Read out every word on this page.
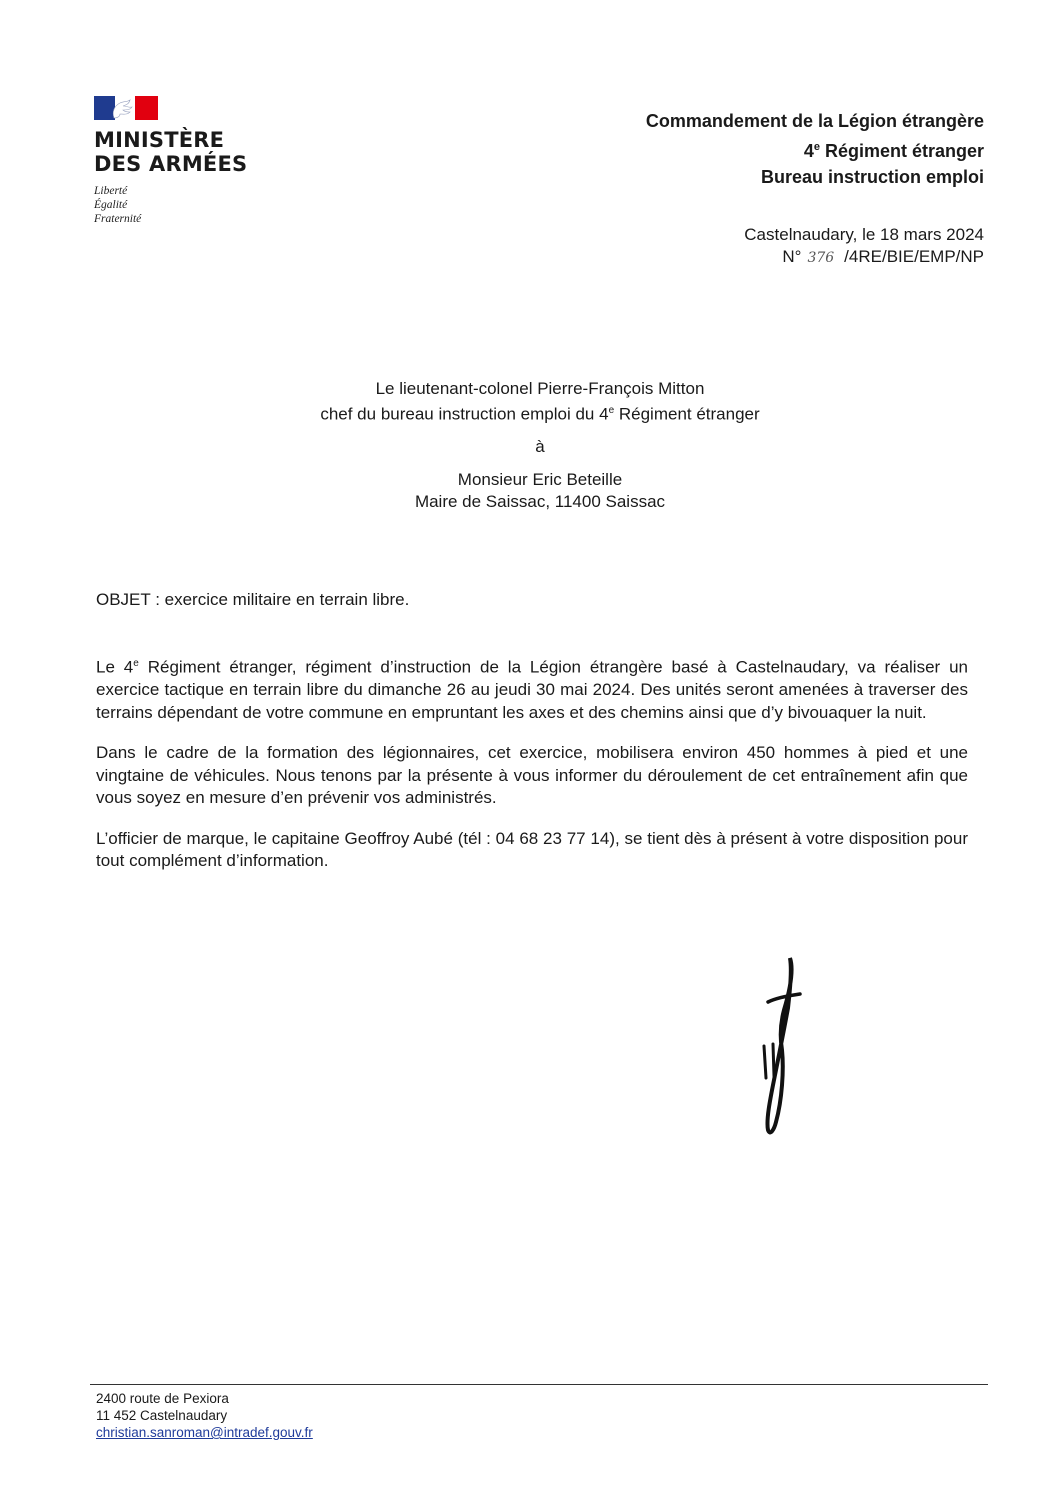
MINISTÈRE
DES ARMÉES
Liberté
Égalité
Fraternité
Commandement de la Légion étrangère
4e Régiment étranger
Bureau instruction emploi
Castelnaudary, le 18 mars 2024
N° 376 /4RE/BIE/EMP/NP
Le lieutenant-colonel Pierre-François Mitton
chef du bureau instruction emploi du 4e Régiment étranger
à
Monsieur Eric Beteille
Maire de Saissac, 11400 Saissac
OBJET : exercice militaire en terrain libre.

Le 4e Régiment étranger, régiment d’instruction de la Légion étrangère basé à Castelnaudary, va réaliser un exercice tactique en terrain libre du dimanche 26 au jeudi 30 mai 2024. Des unités seront amenées à traverser des terrains dépendant de votre commune en empruntant les axes et des chemins ainsi que d’y bivouaquer la nuit.

Dans le cadre de la formation des légionnaires, cet exercice, mobilisera environ 450 hommes à pied et une vingtaine de véhicules. Nous tenons par la présente à vous informer du déroulement de cet entraînement afin que vous soyez en mesure d’en prévenir vos administrés.

L’officier de marque, le capitaine Geoffroy Aubé (tél : 04 68 23 77 14), se tient dès à présent à votre disposition pour tout complément d’information.

2400 route de Pexiora
11 452 Castelnaudary
christian.sanroman@intradef.gouv.fr
